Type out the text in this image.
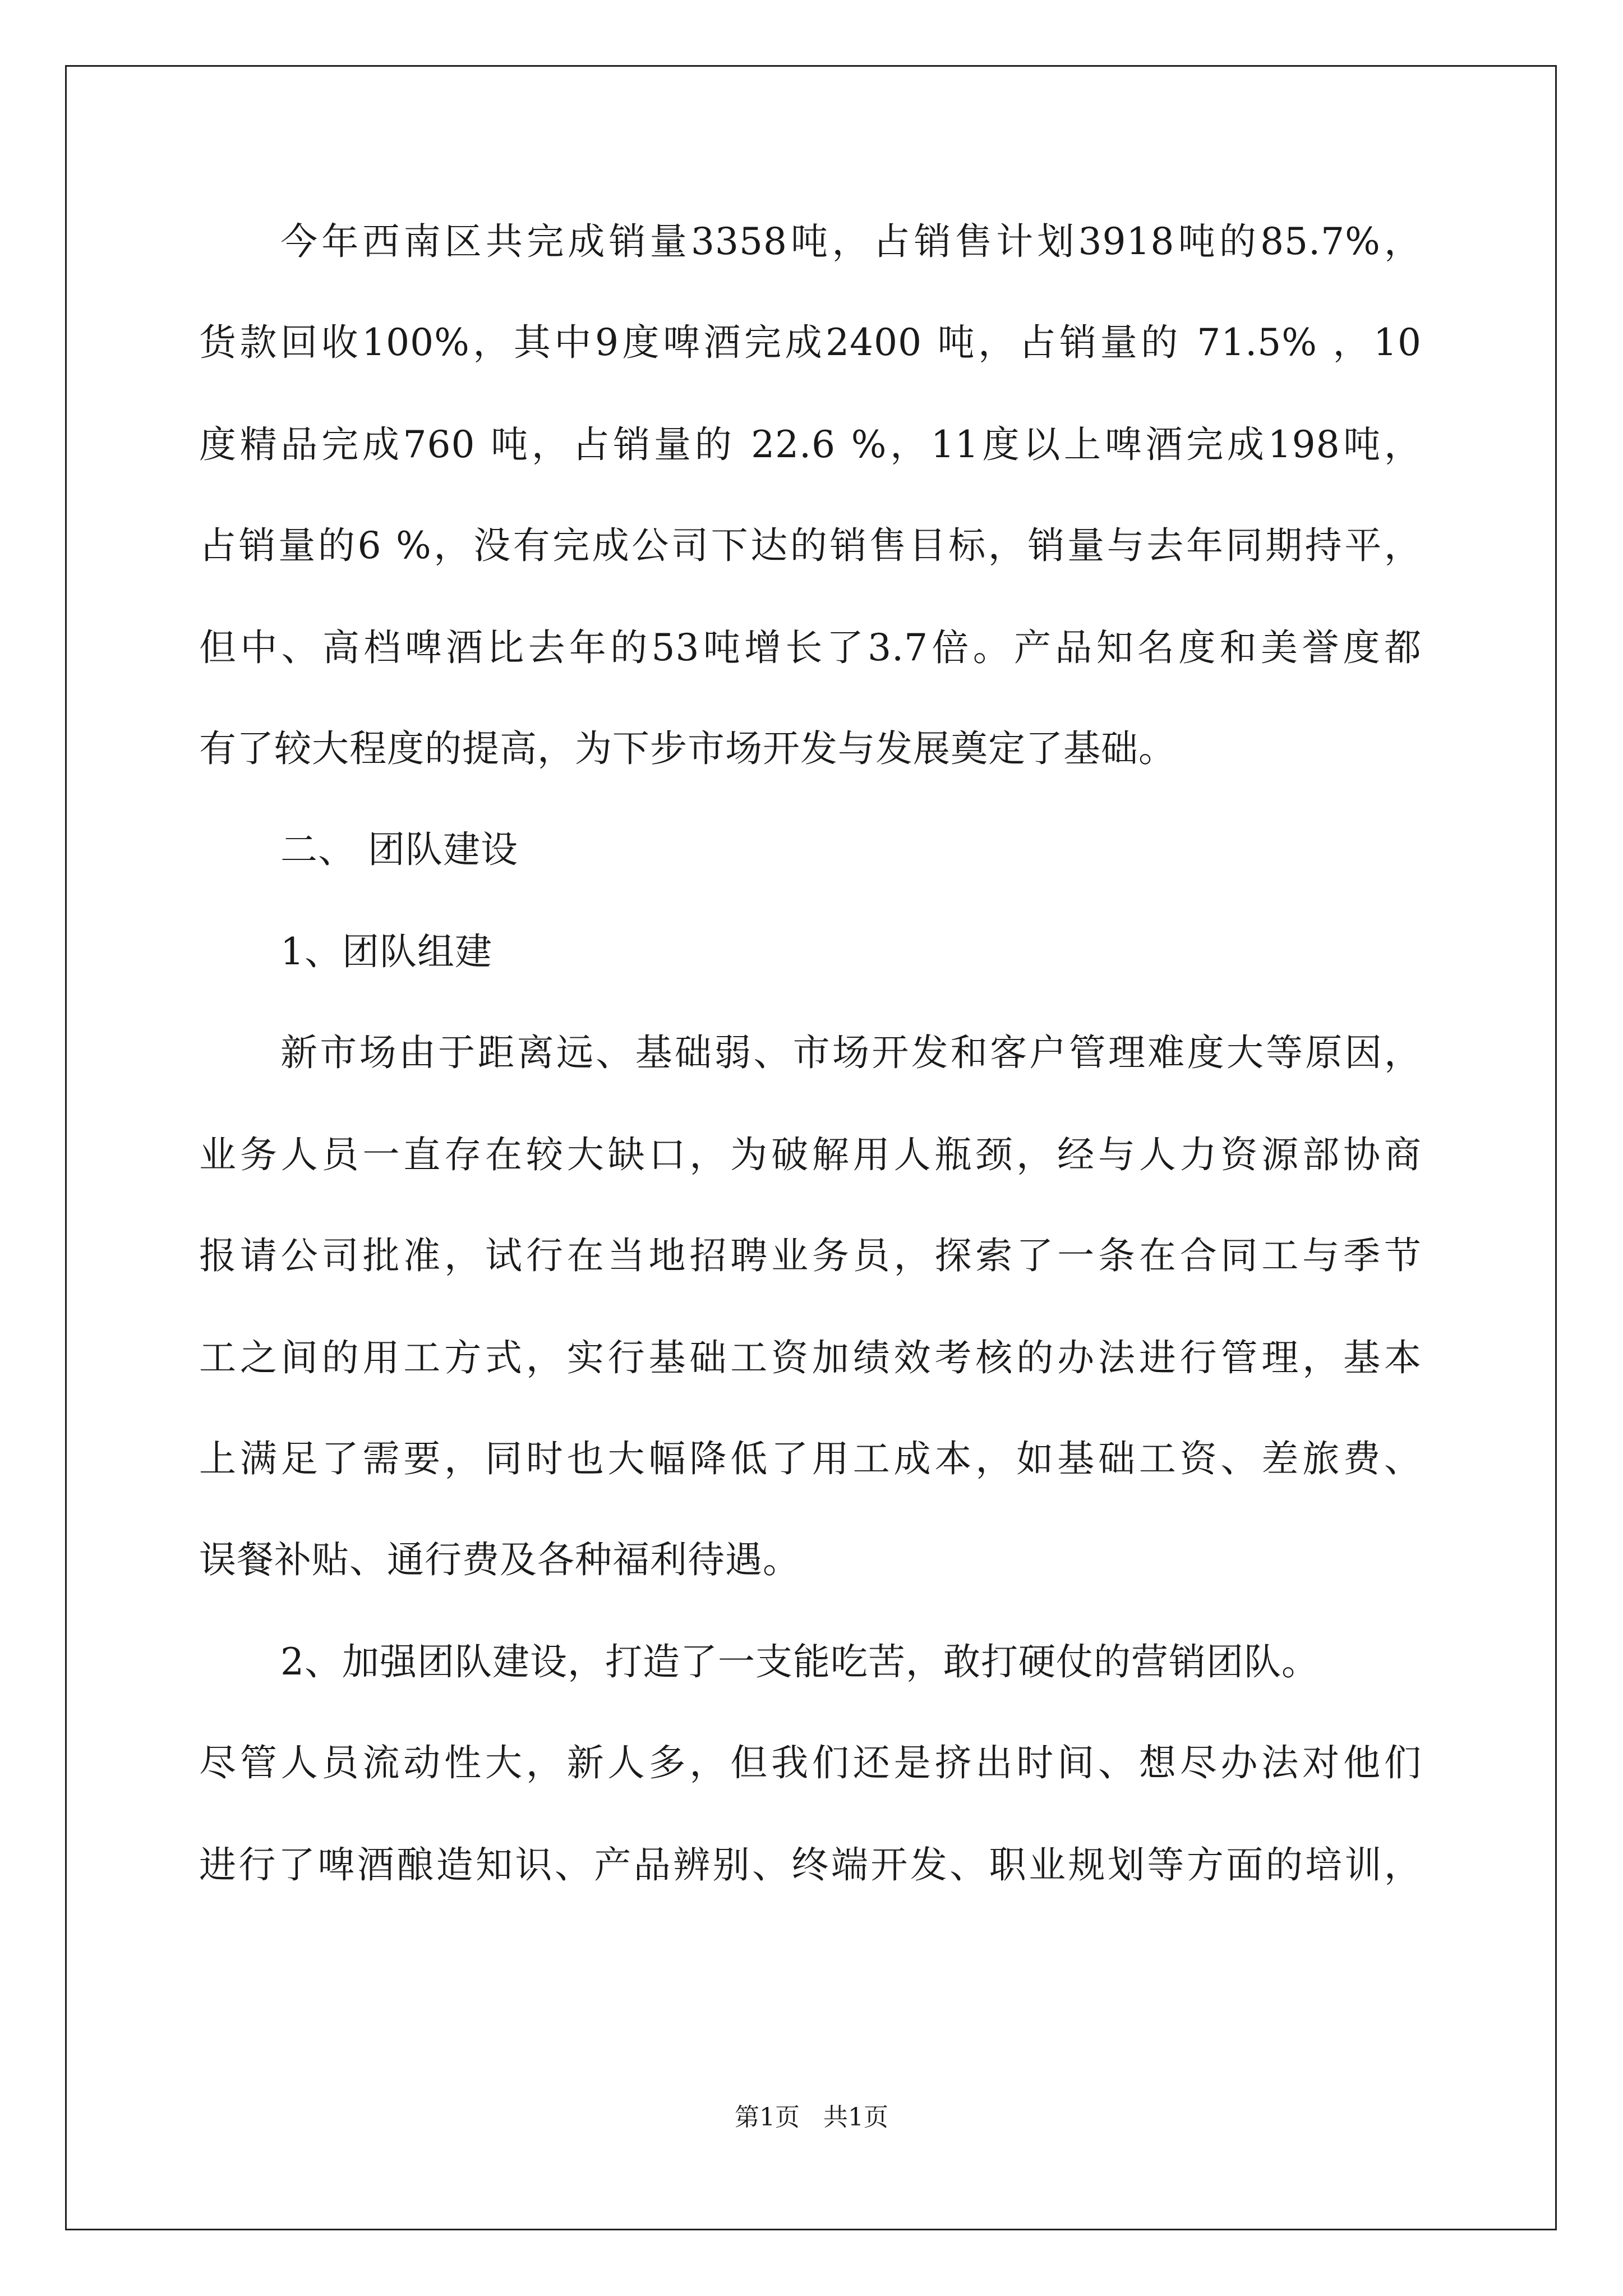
今年西南区共完成销量3358吨，占销售计划3918吨的85.7%，
货款回收100%，其中9度啤酒完成2400 吨，占销量的 71.5% ，10
度精品完成760 吨，占销量的 22.6 %，11度以上啤酒完成198吨，
占销量的6 %，没有完成公司下达的销售目标，销量与去年同期持平，
但中、高档啤酒比去年的53吨增长了3.7倍。产品知名度和美誉度都
有了较大程度的提高，为下步市场开发与发展奠定了基础。
二、 团队建设
1、团队组建
新市场由于距离远、基础弱、市场开发和客户管理难度大等原因，
业务人员一直存在较大缺口，为破解用人瓶颈，经与人力资源部协商
报请公司批准，试行在当地招聘业务员，探索了一条在合同工与季节
工之间的用工方式，实行基础工资加绩效考核的办法进行管理，基本
上满足了需要，同时也大幅降低了用工成本，如基础工资、差旅费、
误餐补贴、通行费及各种福利待遇。
2、加强团队建设，打造了一支能吃苦，敢打硬仗的营销团队。
尽管人员流动性大，新人多，但我们还是挤出时间、想尽办法对他们
进行了啤酒酿造知识、产品辨别、终端开发、职业规划等方面的培训，
第1页   共1页
